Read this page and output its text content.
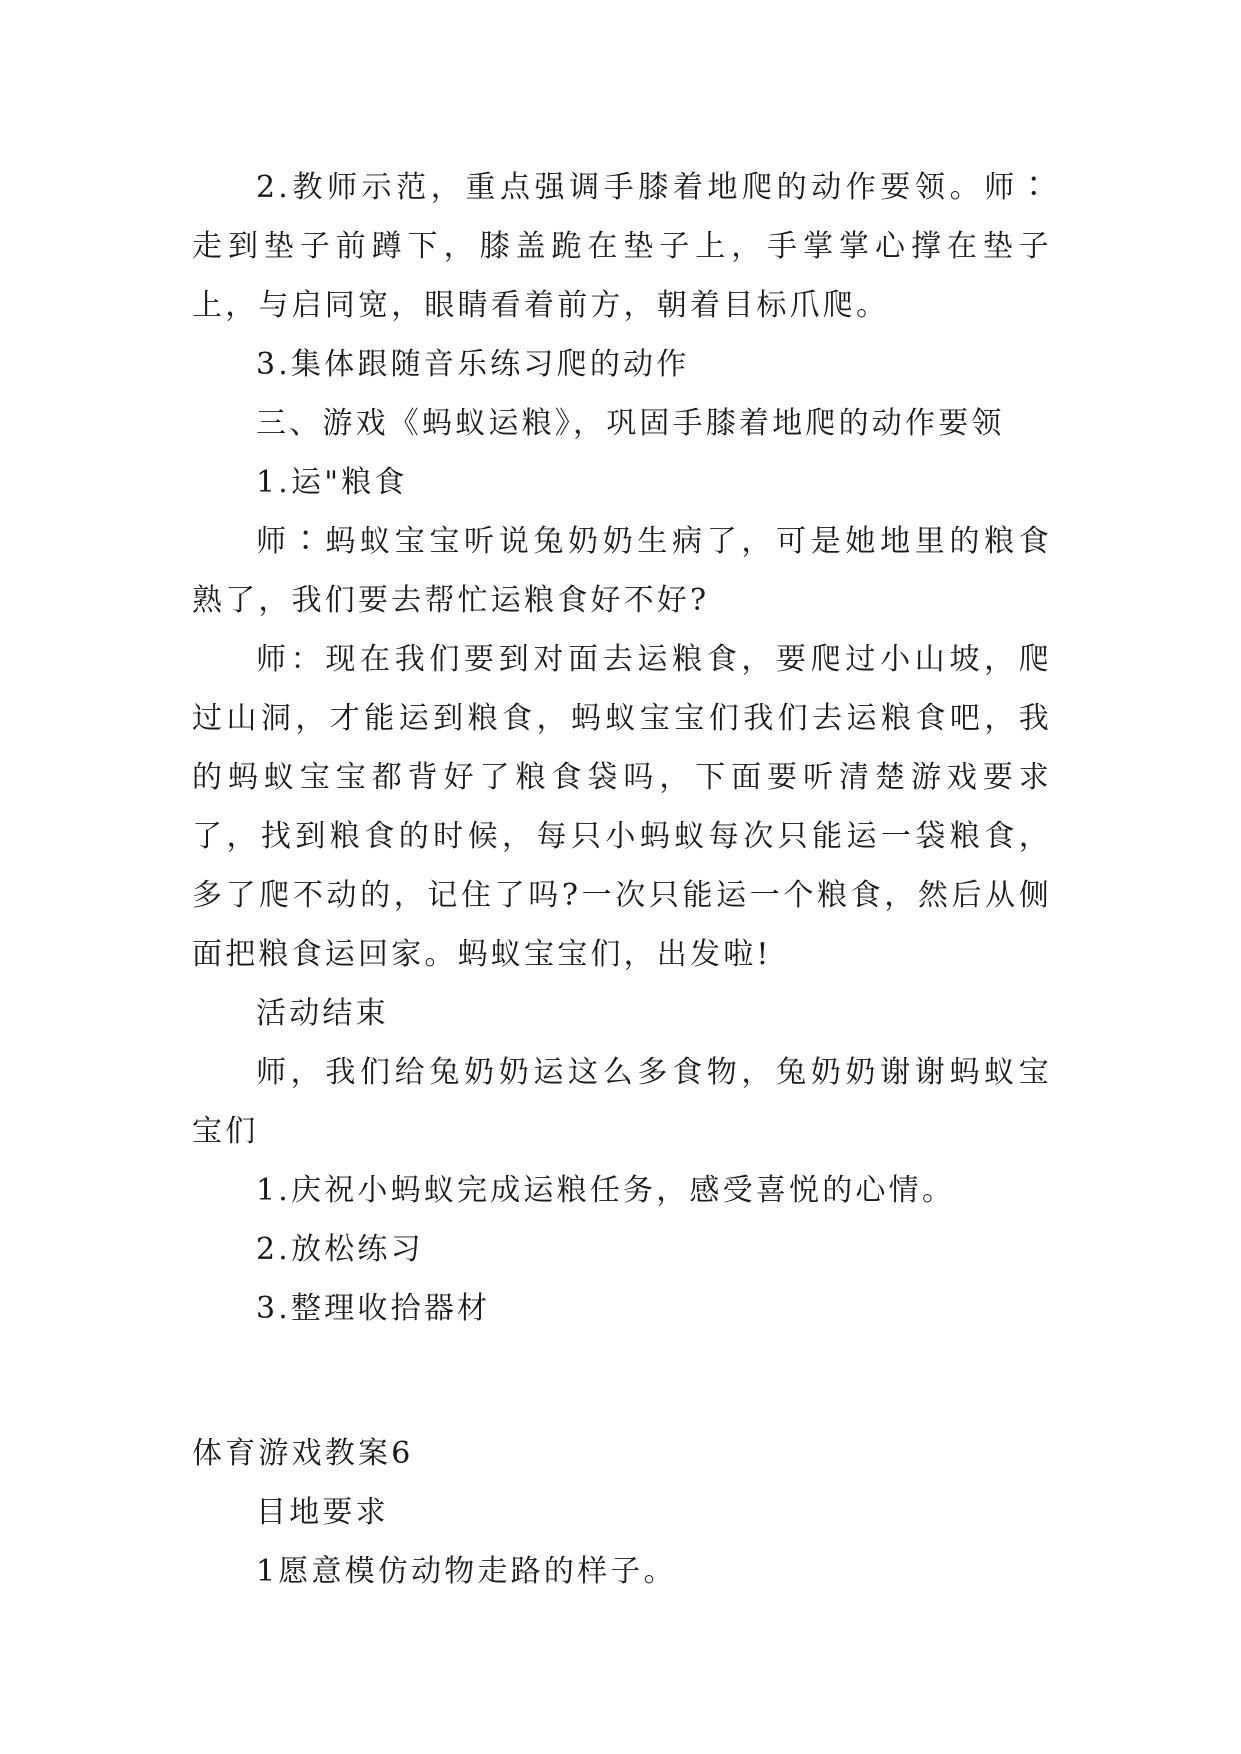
2.教师示范，重点强调手膝着地爬的动作要领。师∶走到垫子前蹲下，膝盖跪在垫子上，手掌掌心撑在垫子上，与启同宽，眼睛看着前方，朝着目标爪爬。

3.集体跟随音乐练习爬的动作

三、游戏《蚂蚁运粮》，巩固手膝着地爬的动作要领

1.运"粮食

师∶蚂蚁宝宝听说兔奶奶生病了，可是她地里的粮食熟了，我们要去帮忙运粮食好不好?

师：现在我们要到对面去运粮食，要爬过小山坡，爬过山洞，才能运到粮食，蚂蚁宝宝们我们去运粮食吧，我的蚂蚁宝宝都背好了粮食袋吗，下面要听清楚游戏要求了，找到粮食的时候，每只小蚂蚁每次只能运一袋粮食，多了爬不动的，记住了吗?一次只能运一个粮食，然后从侧面把粮食运回家。蚂蚁宝宝们，出发啦!

活动结束

师，我们给兔奶奶运这么多食物，兔奶奶谢谢蚂蚁宝宝们

1.庆祝小蚂蚁完成运粮任务，感受喜悦的心情。

2.放松练习

3.整理收拾器材

体育游戏教案6

目地要求

1愿意模仿动物走路的样子。
